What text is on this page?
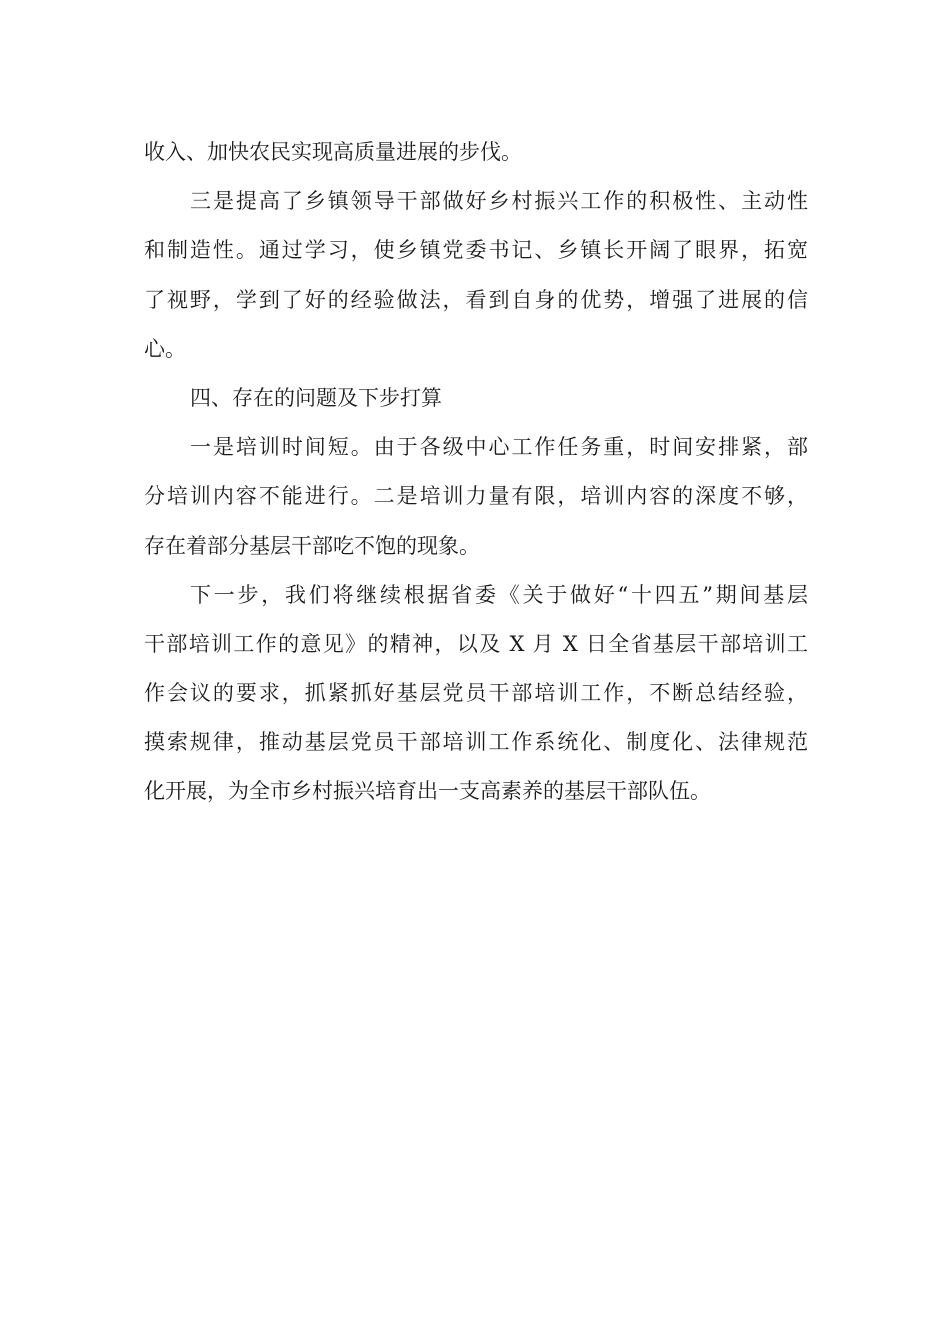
收入、加快农民实现高质量进展的步伐。
三是提高了乡镇领导干部做好乡村振兴工作的积极性、主动性
和制造性。通过学习，使乡镇党委书记、乡镇长开阔了眼界，拓宽
了视野，学到了好的经验做法，看到自身的优势，增强了进展的信
心。
四、存在的问题及下步打算
一是培训时间短。由于各级中心工作任务重，时间安排紧，部
分培训内容不能进行。二是培训力量有限，培训内容的深度不够，
存在着部分基层干部吃不饱的现象。
下一步，我们将继续根据省委《关于做好“十四五”期间基层
干部培训工作的意见》的精神，以及 X 月 X 日全省基层干部培训工
作会议的要求，抓紧抓好基层党员干部培训工作，不断总结经验，
摸索规律，推动基层党员干部培训工作系统化、制度化、法律规范
化开展，为全市乡村振兴培育出一支高素养的基层干部队伍。
